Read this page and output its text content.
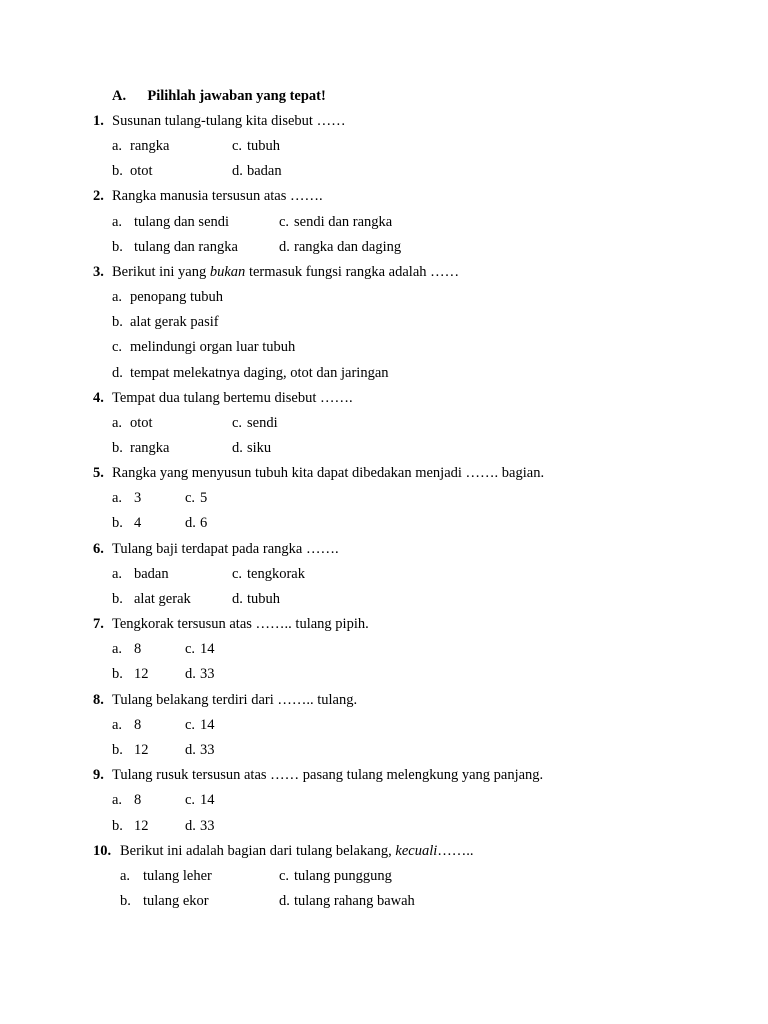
A. Pilihlah jawaban yang tepat!
1. Susunan tulang-tulang kita disebut ……
a. rangka	c. tubuh
b. otot	d. badan
2. Rangka manusia tersusun atas …….
a. tulang dan sendi	c. sendi dan rangka
b. tulang dan rangka	d. rangka dan daging
3. Berikut ini yang bukan termasuk fungsi rangka adalah ……
a. penopang tubuh
b. alat gerak pasif
c. melindungi organ luar tubuh
d. tempat melekatnya daging, otot dan jaringan
4. Tempat dua tulang bertemu disebut …….
a. otot	c. sendi
b. rangka	d. siku
5. Rangka yang menyusun tubuh kita dapat dibedakan menjadi ……. bagian.
a. 3	c. 5
b. 4	d. 6
6. Tulang baji terdapat pada rangka …….
a. badan	c. tengkorak
b. alat gerak	d. tubuh
7. Tengkorak tersusun atas …….. tulang pipih.
a. 8	c. 14
b. 12	d. 33
8. Tulang belakang terdiri dari …….. tulang.
a. 8	c. 14
b. 12	d. 33
9. Tulang rusuk tersusun atas …… pasang tulang melengkung yang panjang.
a. 8	c. 14
b. 12	d. 33
10. Berikut ini adalah bagian dari tulang belakang, kecuali……..
a. tulang leher	c. tulang punggung
b. tulang ekor	d. tulang rahang bawah
